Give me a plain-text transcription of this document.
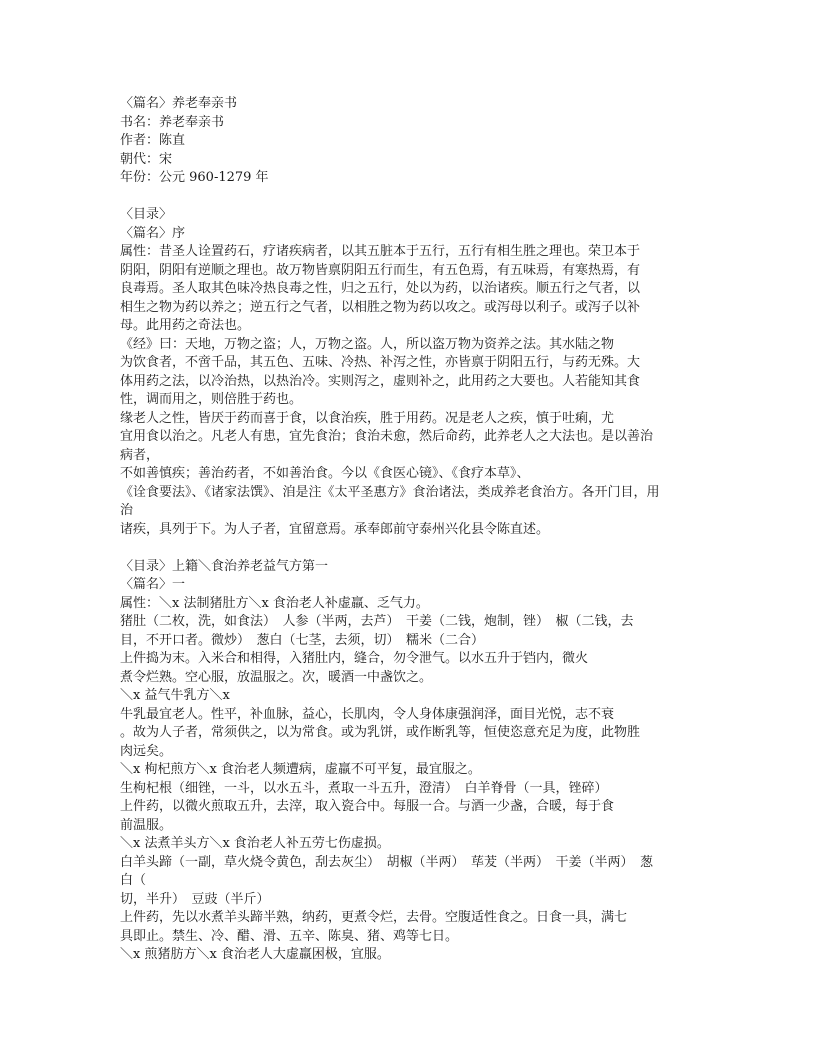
〈篇名〉养老奉亲书
书名：养老奉亲书
作者：陈直
朝代：宋
年份：公元 960-1279 年
〈目录〉
〈篇名〉序
属性：昔圣人诠置药石，疗诸疾病者，以其五脏本于五行，五行有相生胜之理也。荣卫本于
阴阳，阴阳有逆顺之理也。故万物皆禀阴阳五行而生，有五色焉，有五味焉，有寒热焉，有
良毒焉。圣人取其色味冷热良毒之性，归之五行，处以为药，以治诸疾。顺五行之气者，以
相生之物为药以养之；逆五行之气者，以相胜之物为药以攻之。或泻母以利子。或泻子以补
母。此用药之奇法也。
《经》曰：天地，万物之盗；人，万物之盗。人，所以盗万物为资养之法。其水陆之物
为饮食者，不啻千品，其五色、五味、冷热、补泻之性，亦皆禀于阴阳五行，与药无殊。大
体用药之法，以冷治热，以热治冷。实则泻之，虚则补之，此用药之大要也。人若能知其食
性，调而用之，则倍胜于药也。
缘老人之性，皆厌于药而喜于食，以食治疾，胜于用药。况是老人之疾，慎于吐痢，尤
宜用食以治之。凡老人有患，宜先食治；食治未愈，然后命药，此养老人之大法也。是以善治
病者，
不如善慎疾；善治药者，不如善治食。今以《食医心镜》、《食疗本草》、
《诠食要法》、《诸家法馔》、洎是注《太平圣惠方》食治诸法，类成养老食治方。各开门目，用
治
诸疾，具列于下。为人子者，宜留意焉。承奉郎前守泰州兴化县令陈直述。
〈目录〉上籍＼食治养老益气方第一
〈篇名〉一
属性：＼x 法制猪肚方＼x 食治老人补虚羸、乏气力。
猪肚（二枚，洗，如食法）　人参（半两，去芦）　干姜（二钱，炮制，锉）　椒（二钱，去
目，不开口者。微炒）　葱白（七茎，去须，切）　糯米（二合）
上件捣为末。入米合和相得，入猪肚内，缝合，勿令泄气。以水五升于铛内，微火
煮令烂熟。空心服，放温服之。次，暖酒一中盏饮之。
＼x 益气牛乳方＼x
牛乳最宜老人。性平，补血脉，益心，长肌肉，令人身体康强润泽，面目光悦，志不衰
。故为人子者，常须供之，以为常食。或为乳饼，或作断乳等，恒使恣意充足为度，此物胜
肉远矣。
＼x 枸杞煎方＼x 食治老人频遭病，虚羸不可平复，最宜服之。
生枸杞根（细锉，一斗，以水五斗，煮取一斗五升，澄清）　白羊脊骨（一具，锉碎）
上件药，以微火煎取五升，去滓，取入瓷合中。每服一合。与酒一少盏，合暖，每于食
前温服。
＼x 法煮羊头方＼x 食治老人补五劳七伤虚损。
白羊头蹄（一副，草火烧令黄色，刮去灰尘）　胡椒（半两）　荜茇（半两）　干姜（半两）　葱
白（
切，半升）　豆豉（半斤）
上件药，先以水煮羊头蹄半熟，纳药，更煮令烂，去骨。空腹适性食之。日食一具，满七
具即止。禁生、冷、醋、滑、五辛、陈臭、猪、鸡等七日。
＼x 煎猪肪方＼x 食治老人大虚羸困极，宜服。
